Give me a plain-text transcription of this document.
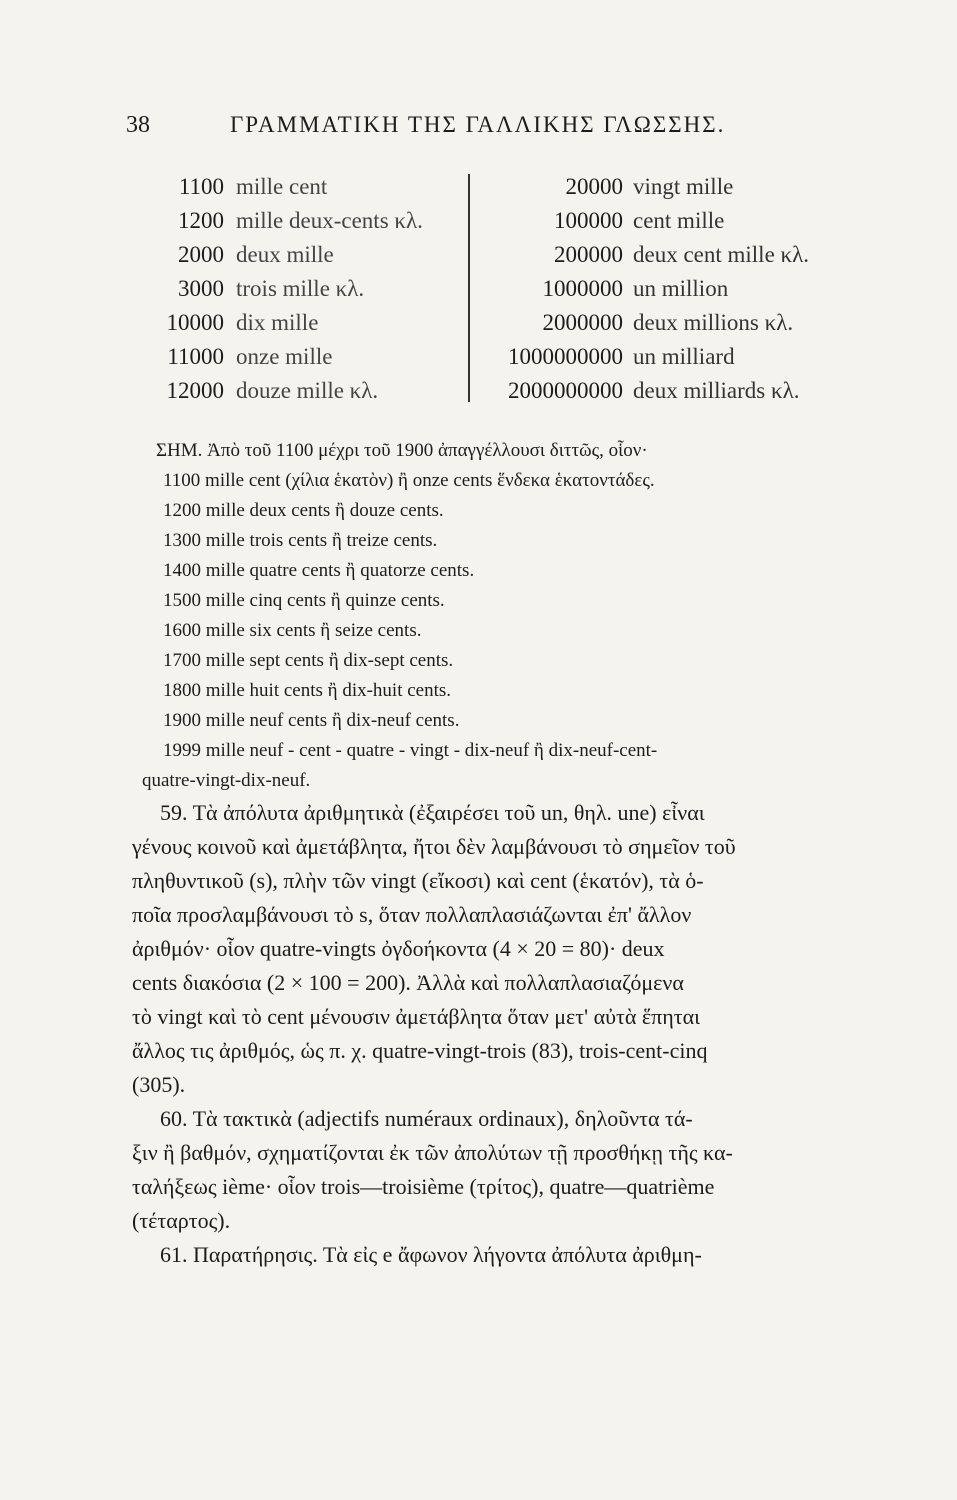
38	ΓΡΑΜΜΑΤΙΚΗ ΤΗΣ ΓΑΛΛΙΚΗΣ ΓΛΩΣΣΗΣ.
1100 mille cent
1200 mille deux-cents κλ.
2000 deux mille
3000 trois mille κλ.
10000 dix mille
11000 onze mille
12000 douze mille κλ.
20000 vingt mille
100000 cent mille
200000 deux cent mille κλ.
1000000 un million
2000000 deux millions κλ.
1000000000 un milliard
2000000000 deux milliards κλ.
ΣΗΜ. Ἀπὸ τοῦ 1100 μέχρι τοῦ 1900 ἀπαγγέλλουσι διττῶς, οἷον·
1100 mille cent (χίλια ἑκατὸν) ἢ onze cents ἕνδεκα ἑκατοντάδες.
1200 mille deux cents ἢ douze cents.
1300 mille trois cents ἢ treize cents.
1400 mille quatre cents ἢ quatorze cents.
1500 mille cinq cents ἢ quinze cents.
1600 mille six cents ἢ seize cents.
1700 mille sept cents ἢ dix-sept cents.
1800 mille huit cents ἢ dix-huit cents.
1900 mille neuf cents ἢ dix-neuf cents.
1999 mille neuf - cent - quatre - vingt - dix-neuf ἢ dix-neuf-cent-
quatre-vingt-dix-neuf.
59. Τὰ ἀπόλυτα ἀριθμητικὰ (ἐξαιρέσει τοῦ un, θηλ. une) εἶναι
γένους κοινοῦ καὶ ἀμετάβλητα, ἤτοι δὲν λαμβάνουσι τὸ σημεῖον τοῦ
πληθυντικοῦ (s), πλὴν τῶν vingt (εἴκοσι) καὶ cent (ἑκατόν), τὰ ὁ-
ποῖα προσλαμβάνουσι τὸ s, ὅταν πολλαπλασιάζωνται ἐπ' ἄλλον
ἀριθμόν· οἷον quatre-vingts ὀγδοήκοντα (4 × 20 = 80)· deux
cents διακόσια (2 × 100 = 200). Ἀλλὰ καὶ πολλαπλασιαζόμενα
τὸ vingt καὶ τὸ cent μένουσιν ἀμετάβλητα ὅταν μετ' αὐτὰ ἕπηται
ἄλλος τις ἀριθμός, ὡς π. χ. quatre-vingt-trois (83), trois-cent-cinq
(305).
60. Τὰ τακτικὰ (adjectifs numéraux ordinaux), δηλοῦντα τά-
ξιν ἢ βαθμόν, σχηματίζονται ἐκ τῶν ἀπολύτων τῇ προσθήκῃ τῆς κα-
ταλήξεως ième· οἷον trois—troisième (τρίτος), quatre—quatrième
(τέταρτος).
61. Παρατήρησις. Τὰ εἰς e ἄφωνον λήγοντα ἀπόλυτα ἀριθμη-
